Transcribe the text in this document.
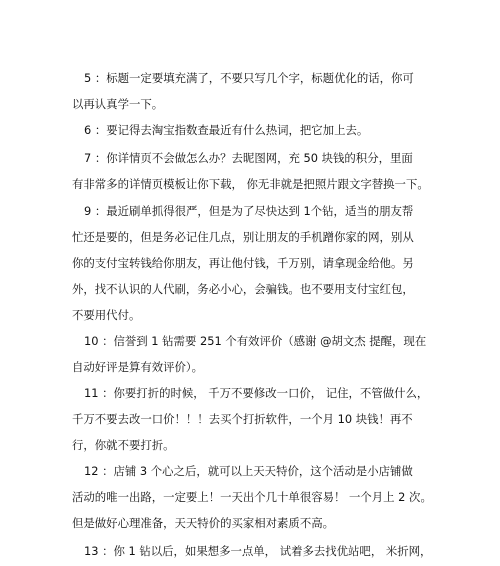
5 ：标题一定要填充满了，不要只写几个字，标题优化的话，你可
以再认真学一下。
6 ：要记得去淘宝指数查最近有什么热词，把它加上去。
7 ：你详情页不会做怎么办？去昵图网，充 50 块钱的积分，里面
有非常多的详情页模板让你下载， 你无非就是把照片跟文字替换一下。
9 ：最近刷单抓得很严，但是为了尽快达到 1个钻，适当的朋友帮
忙还是要的，但是务必记住几点，别让朋友的手机蹭你家的网，别从
你的支付宝转钱给你朋友，再让他付钱，千万别，请拿现金给他。另
外，找不认识的人代刷，务必小心，会骗钱。也不要用支付宝红包，
不要用代付。
10 ：信誉到 1 钻需要 251 个有效评价（感谢 @胡文杰 提醒，现在
自动好评是算有效评价）。
11 ：你要打折的时候， 千万不要修改一口价， 记住，不管做什么，
千万不要去改一口价！！！去买个打折软件，一个月 10 块钱！再不
行，你就不要打折。
12 ：店铺 3 个心之后，就可以上天天特价，这个活动是小店铺做
活动的唯一出路，一定要上！一天出个几十单很容易！ 一个月上 2 次。
但是做好心理准备，天天特价的买家相对素质不高。
13 ：你 1 钻以后，如果想多一点单， 试着多去找优站吧， 米折网，
